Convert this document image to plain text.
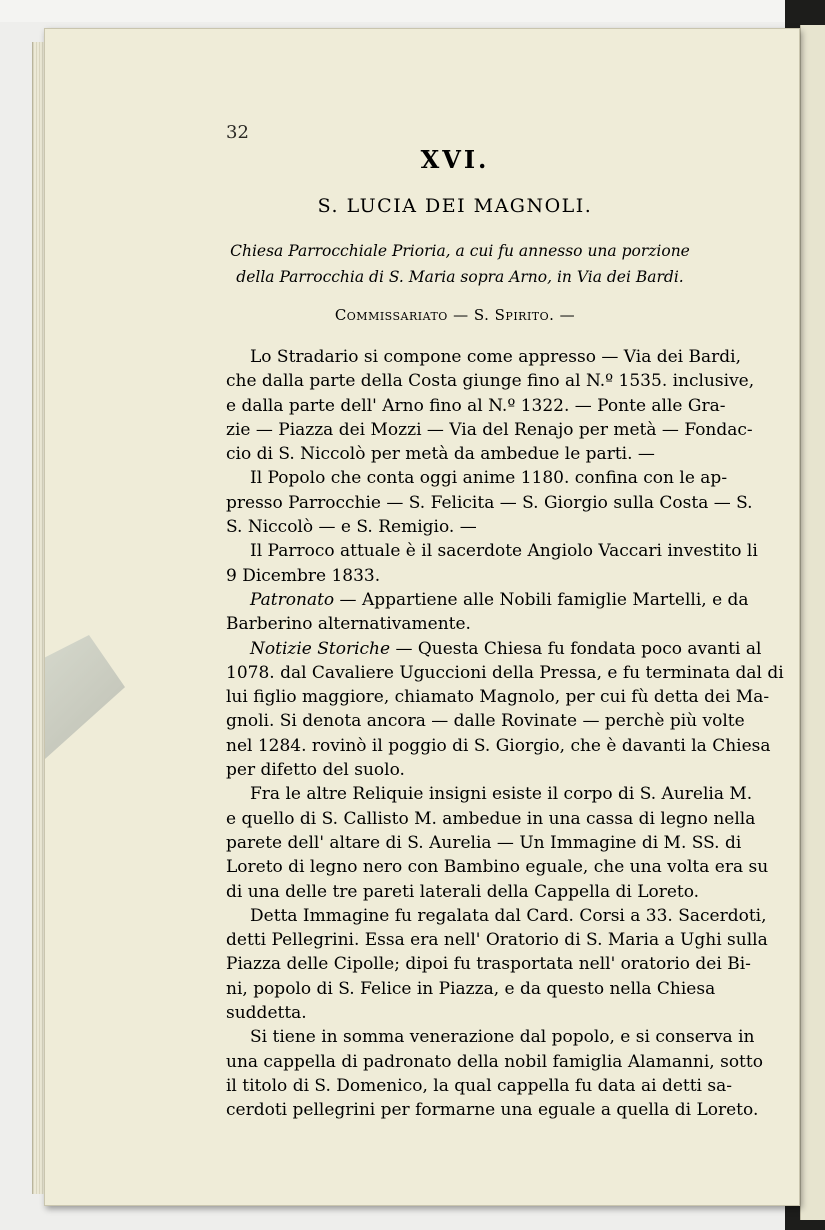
32
XVI.
S. LUCIA DEI MAGNOLI.
Chiesa Parrocchiale Prioria, a cui fu annesso una porzione
della Parrocchia di S. Maria sopra Arno, in Via dei Bardi.
Commissariato — S. Spirito. —
Lo Stradario si compone come appresso — Via dei Bardi,
che dalla parte della Costa giunge fino al N.º 1535. inclusive,
e dalla parte dell' Arno fino al N.º 1322. — Ponte alle Gra-
zie — Piazza dei Mozzi — Via del Renajo per metà — Fondac-
cio di S. Niccolò per metà da ambedue le parti. —
Il Popolo che conta oggi anime 1180. confina con le ap-
presso Parrocchie — S. Felicita — S. Giorgio sulla Costa — S.
S. Niccolò — e S. Remigio. —
Il Parroco attuale è il sacerdote Angiolo Vaccari investito li
9 Dicembre 1833.
Patronato — Appartiene alle Nobili famiglie Martelli, e da
Barberino alternativamente.
Notizie Storiche — Questa Chiesa fu fondata poco avanti al
1078. dal Cavaliere Uguccioni della Pressa, e fu terminata dal di
lui figlio maggiore, chiamato Magnolo, per cui fù detta dei Ma-
gnoli. Si denota ancora — dalle Rovinate — perchè più volte
nel 1284. rovinò il poggio di S. Giorgio, che è davanti la Chiesa
per difetto del suolo.
Fra le altre Reliquie insigni esiste il corpo di S. Aurelia M.
e quello di S. Callisto M. ambedue in una cassa di legno nella
parete dell' altare di S. Aurelia — Un Immagine di M. SS. di
Loreto di legno nero con Bambino eguale, che una volta era su
di una delle tre pareti laterali della Cappella di Loreto.
Detta Immagine fu regalata dal Card. Corsi a 33. Sacerdoti,
detti Pellegrini. Essa era nell' Oratorio di S. Maria a Ughi sulla
Piazza delle Cipolle; dipoi fu trasportata nell' oratorio dei Bi-
ni, popolo di S. Felice in Piazza, e da questo nella Chiesa
suddetta.
Si tiene in somma venerazione dal popolo, e si conserva in
una cappella di padronato della nobil famiglia Alamanni, sotto
il titolo di S. Domenico, la qual cappella fu data ai detti sa-
cerdoti pellegrini per formarne una eguale a quella di Loreto.
